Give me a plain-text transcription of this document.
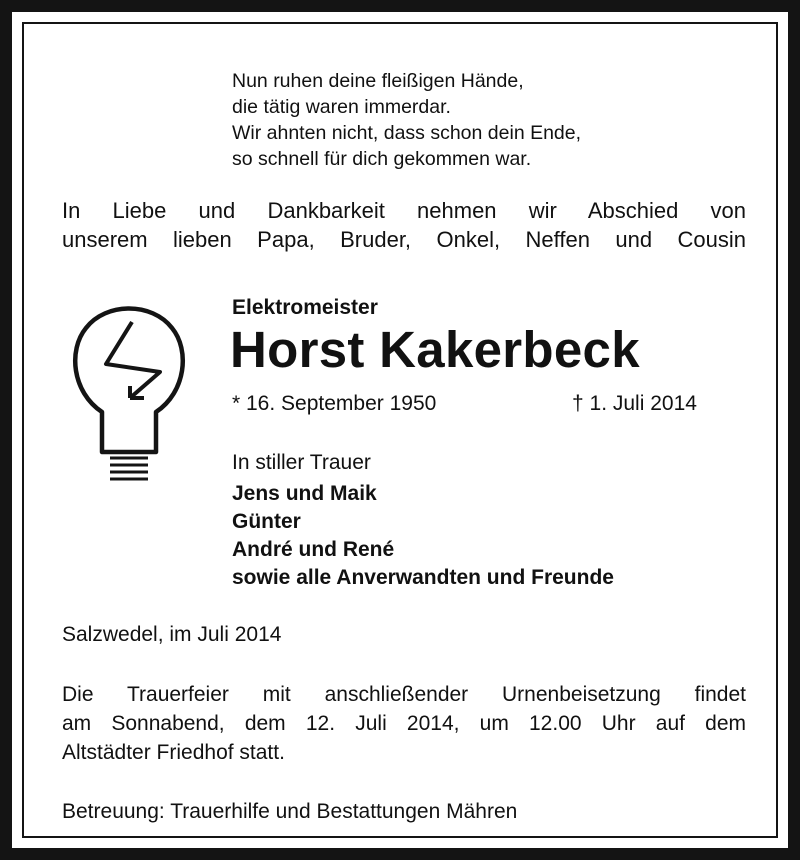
Nun ruhen deine fleißigen Hände,
die tätig waren immerdar.
Wir ahnten nicht, dass schon dein Ende,
so schnell für dich gekommen war.
In Liebe und Dankbarkeit nehmen wir Abschied von
unserem lieben Papa, Bruder, Onkel, Neffen und Cousin
Elektromeister
Horst Kakerbeck
* 16. September 1950	† 1. Juli 2014
In stiller Trauer
Jens und Maik
Günter
André und René
sowie alle Anverwandten und Freunde
Salzwedel, im Juli 2014
Die Trauerfeier mit anschließender Urnenbeisetzung findet
am Sonnabend, dem 12. Juli 2014, um 12.00 Uhr auf dem
Altstädter Friedhof statt.
Betreuung: Trauerhilfe und Bestattungen Mähren
